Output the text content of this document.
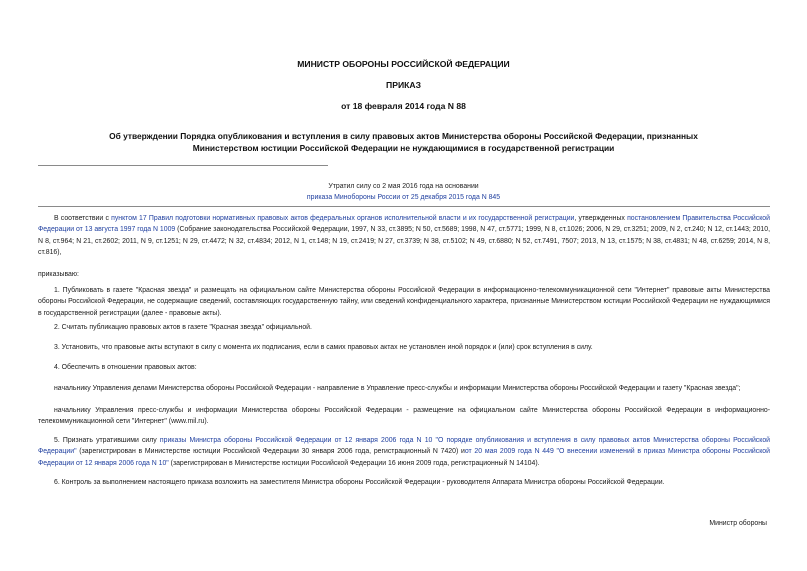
МИНИСТР ОБОРОНЫ РОССИЙСКОЙ ФЕДЕРАЦИИ
ПРИКАЗ
от 18 февраля 2014 года N 88
Об утверждении Порядка опубликования и вступления в силу правовых актов Министерства обороны Российской Федерации, признанных Министерством юстиции Российской Федерации не нуждающимися в государственной регистрации
Утратил силу со 2 мая 2016 года на основании
приказа Минобороны России от 25 декабря 2015 года N 845
В соответствии с пунктом 17 Правил подготовки нормативных правовых актов федеральных органов исполнительной власти и их государственной регистрации, утвержденных постановлением Правительства Российской Федерации от 13 августа 1997 года N 1009 (Собрание законодательства Российской Федерации, 1997, N 33, ст.3895; N 50, ст.5689; 1998, N 47, ст.5771; 1999, N 8, ст.1026; 2006, N 29, ст.3251; 2009, N 2, ст.240; N 12, ст.1443; 2010, N 8, ст.964; N 21, ст.2602; 2011, N 9, ст.1251; N 29, ст.4472; N 32, ст.4834; 2012, N 1, ст.148; N 19, ст.2419; N 27, ст.3739; N 38, ст.5102; N 49, ст.6880; N 52, ст.7491, 7507; 2013, N 13, ст.1575; N 38, ст.4831; N 48, ст.6259; 2014, N 8, ст.816),
приказываю:
1. Публиковать в газете "Красная звезда" и размещать на официальном сайте Министерства обороны Российской Федерации в информационно-телекоммуникационной сети "Интернет" правовые акты Министерства обороны Российской Федерации, не содержащие сведений, составляющих государственную тайну, или сведений конфиденциального характера, признанные Министерством юстиции Российской Федерации не нуждающимися в государственной регистрации (далее - правовые акты).
2. Считать публикацию правовых актов в газете "Красная звезда" официальной.
3. Установить, что правовые акты вступают в силу с момента их подписания, если в самих правовых актах не установлен иной порядок и (или) срок вступления в силу.
4. Обеспечить в отношении правовых актов:
начальнику Управления делами Министерства обороны Российской Федерации - направление в Управление пресс-службы и информации Министерства обороны Российской Федерации и газету "Красная звезда";
начальнику Управления пресс-службы и информации Министерства обороны Российской Федерации - размещение на официальном сайте Министерства обороны Российской Федерации в информационно-телекоммуникационной сети "Интернет" (www.mil.ru).
5. Признать утратившими силу приказы Министра обороны Российской Федерации от 12 января 2006 года N 10 "О порядке опубликования и вступления в силу правовых актов Министерства обороны Российской Федерации" (зарегистрирован в Министерстве юстиции Российской Федерации 30 января 2006 года, регистрационный N 7420) иот 20 мая 2009 года N 449 "О внесении изменений в приказ Министра обороны Российской Федерации от 12 января 2006 года N 10" (зарегистрирован в Министерстве юстиции Российской Федерации 16 июня 2009 года, регистрационный N 14104).
6. Контроль за выполнением настоящего приказа возложить на заместителя Министра обороны Российской Федерации - руководителя Аппарата Министра обороны Российской Федерации.
Министр обороны
